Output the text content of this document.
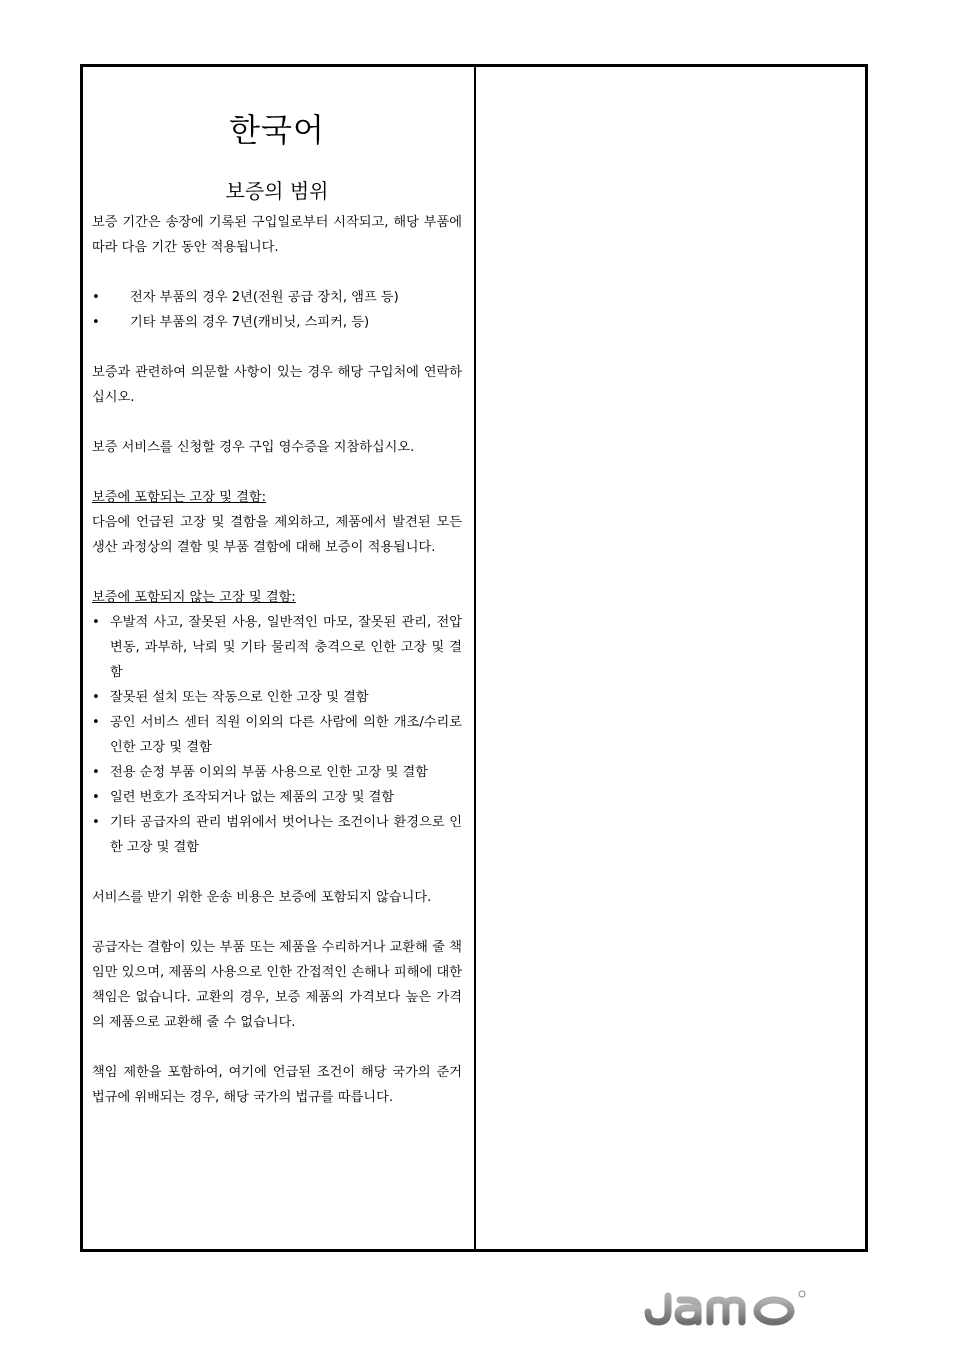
한국어
보증의 범위

보증 기간은 송장에 기록된 구입일로부터 시작되고, 해당 부품에 따라 다음 기간 동안 적용됩니다.

• 전자 부품의 경우 2년(전원 공급 장치, 앰프 등)
• 기타 부품의 경우 7년(캐비닛, 스피커, 등)

보증과 관련하여 의문할 사항이 있는 경우 해당 구입처에 연락하십시오.

보증 서비스를 신청할 경우 구입 영수증을 지참하십시오.

보증에 포함되는 고장 및 결함:

다음에 언급된 고장 및 결함을 제외하고, 제품에서 발견된 모든 생산 과정상의 결함 및 부품 결함에 대해 보증이 적용됩니다.

보증에 포함되지 않는 고장 및 결함:

• 우발적 사고, 잘못된 사용, 일반적인 마모, 잘못된 관리, 전압 변동, 과부하, 낙뢰 및 기타 물리적 충격으로 인한 고장 및 결함
• 잘못된 설치 또는 작동으로 인한 고장 및 결함
• 공인 서비스 센터 직원 이외의 다른 사람에 의한 개조/수리로 인한 고장 및 결함
• 전용 순정 부품 이외의 부품 사용으로 인한 고장 및 결함
• 일련 번호가 조작되거나 없는 제품의 고장 및 결함
• 기타 공급자의 관리 범위에서 벗어나는 조건이나 환경으로 인한 고장 및 결함

서비스를 받기 위한 운송 비용은 보증에 포함되지 않습니다.

공급자는 결함이 있는 부품 또는 제품을 수리하거나 교환해 줄 책임만 있으며, 제품의 사용으로 인한 간접적인 손해나 피해에 대한 책임은 없습니다. 교환의 경우, 보증 제품의 가격보다 높은 가격의 제품으로 교환해 줄 수 없습니다.

책임 제한을 포함하여, 여기에 언급된 조건이 해당 국가의 준거 법규에 위배되는 경우, 해당 국가의 법규를 따릅니다.
